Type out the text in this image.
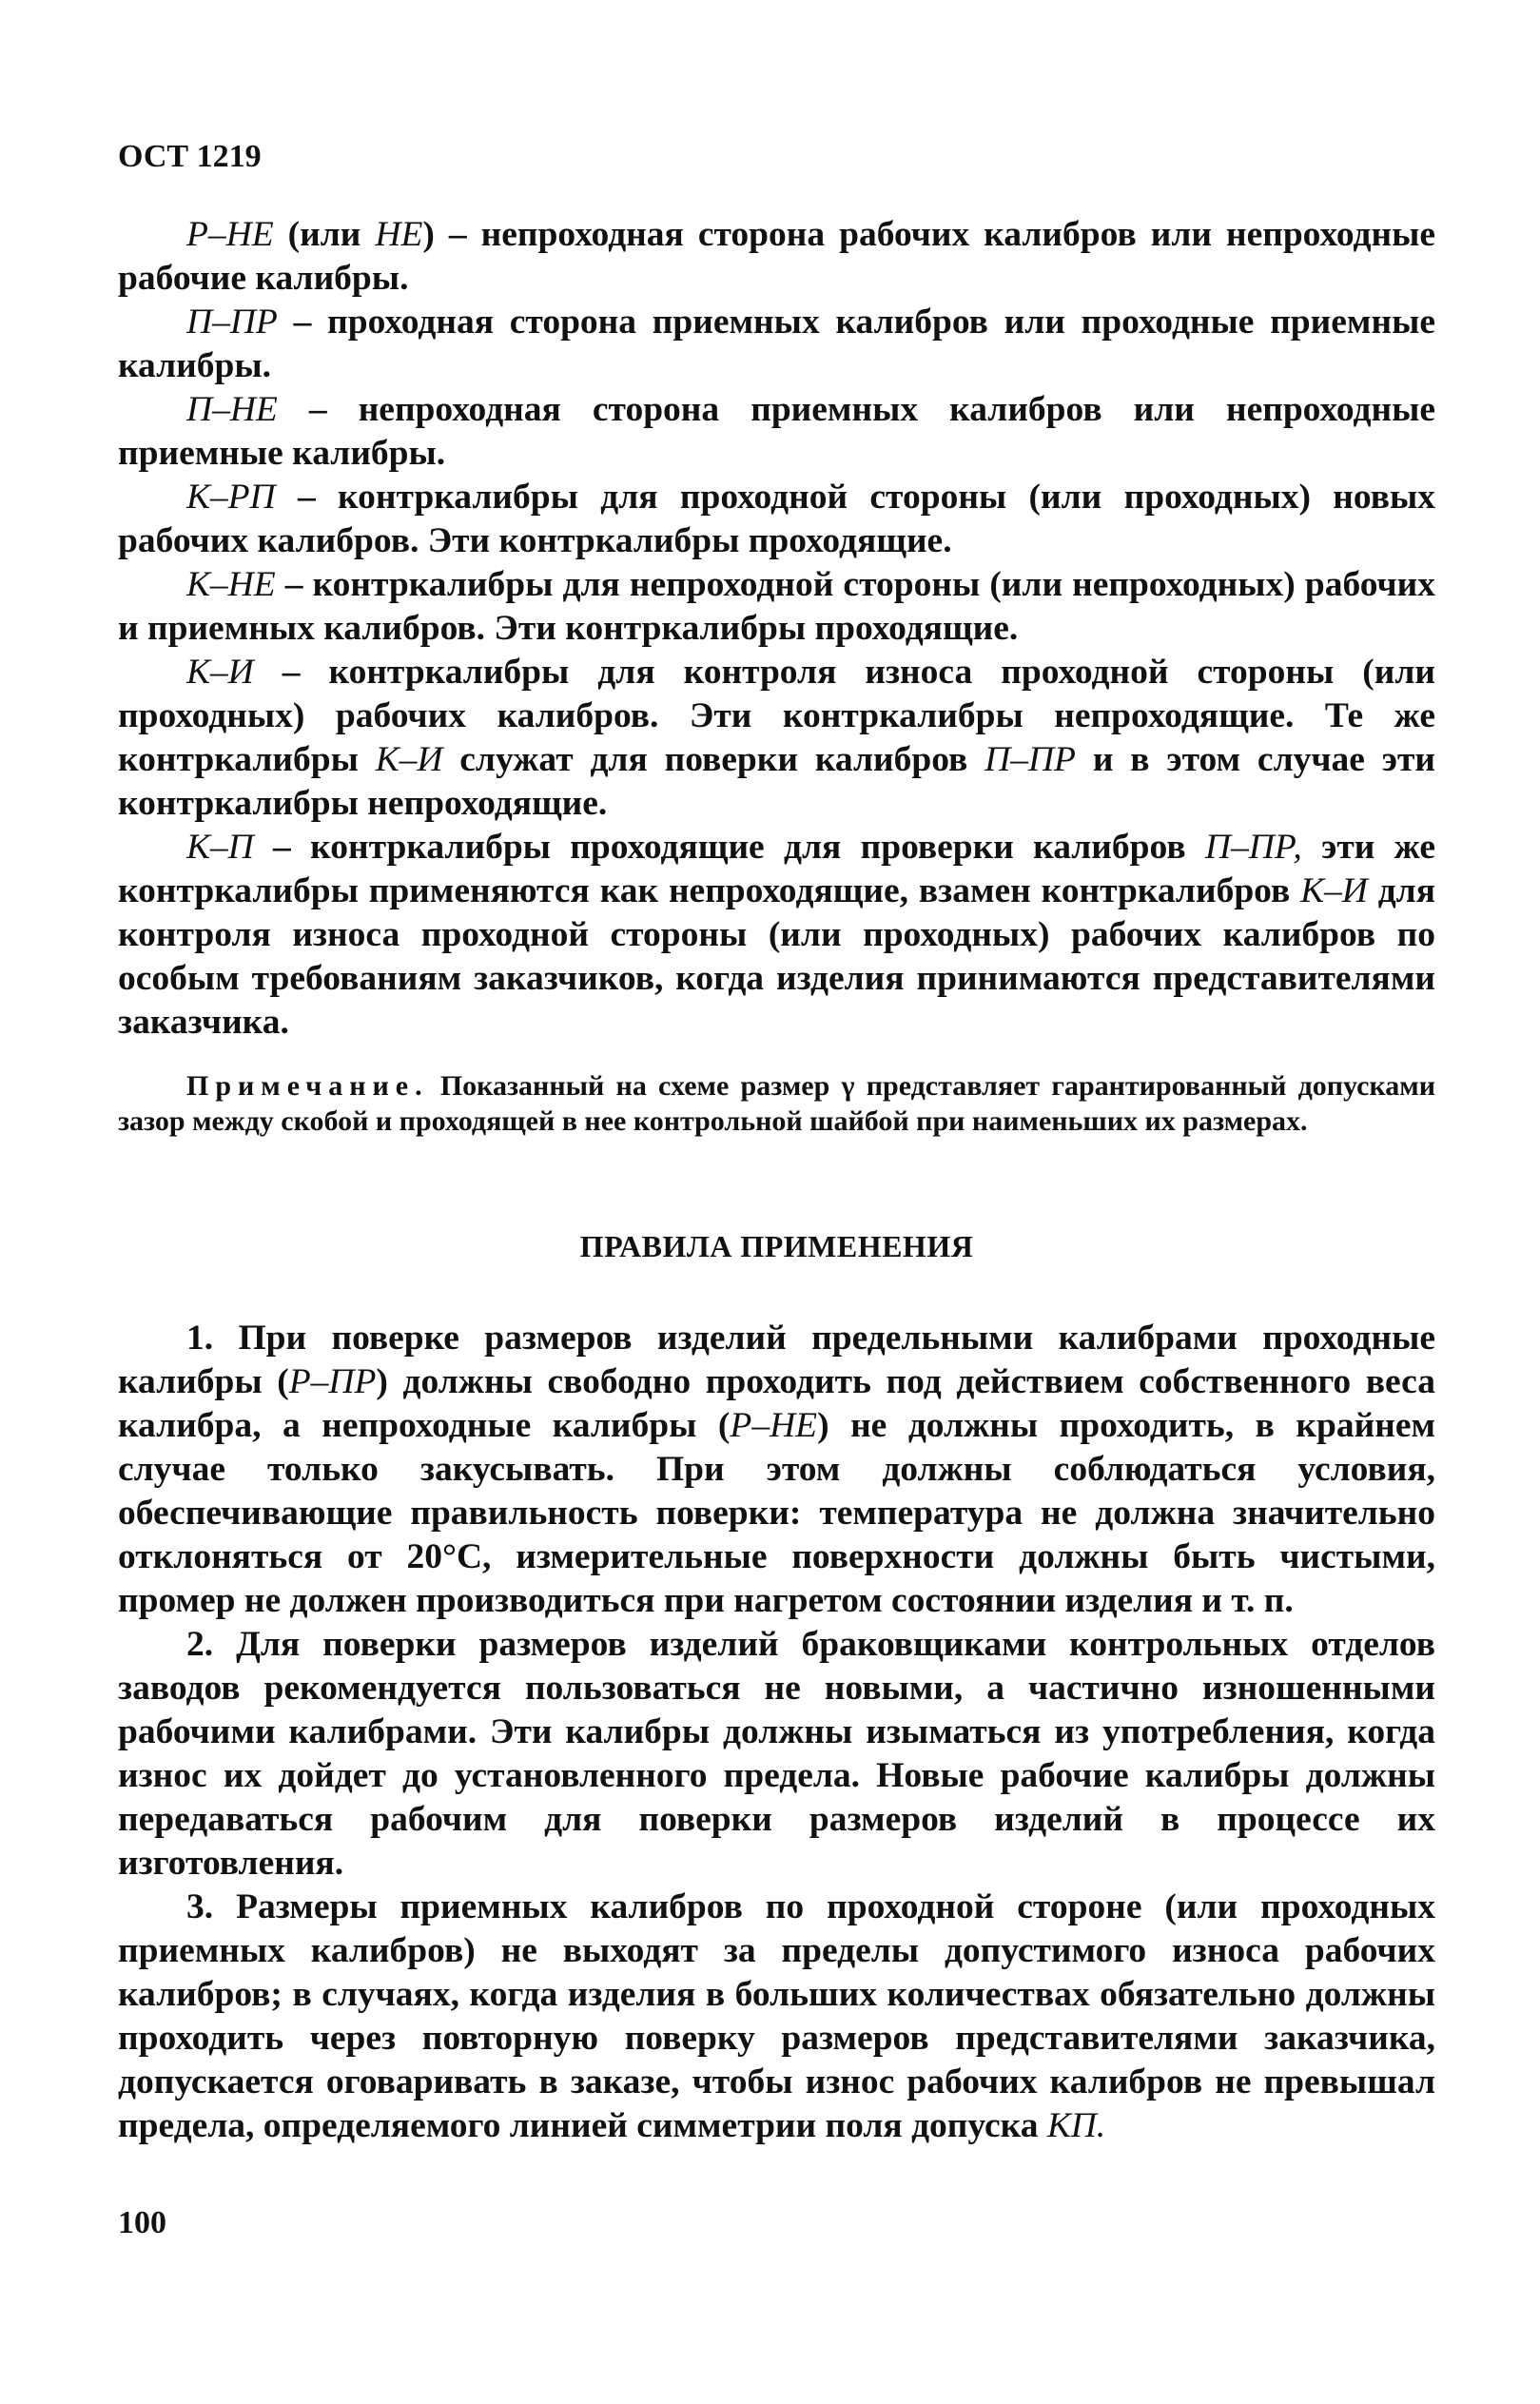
ОСТ 1219

Р–НЕ (или НЕ) – непроходная сторона рабочих калибров или непроходные рабочие калибры.

П–ПР – проходная сторона приемных калибров или проходные приемные калибры.

П–НЕ – непроходная сторона приемных калибров или непроходные приемные калибры.

К–РП – контркалибры для проходной стороны (или проходных) новых рабочих калибров. Эти контркалибры проходящие.

К–НЕ – контркалибры для непроходной стороны (или непроходных) рабочих и приемных калибров. Эти контркалибры проходящие.

К–И – контркалибры для контроля износа проходной стороны (или проходных) рабочих калибров. Эти контркалибры непроходящие. Те же контркалибры К–И служат для поверки калибров П–ПР и в этом случае эти контркалибры непроходящие.

К–П – контркалибры проходящие для проверки калибров П–ПР, эти же контркалибры применяются как непроходящие, взамен контркалибров К–И для контроля износа проходной стороны (или проходных) рабочих калибров по особым требованиям заказчиков, когда изделия принимаются представителями заказчика.

Примечание. Показанный на схеме размер γ представляет гарантированный допусками зазор между скобой и проходящей в нее контрольной шайбой при наименьших их размерах.

ПРАВИЛА ПРИМЕНЕНИЯ

1. При поверке размеров изделий предельными калибрами проходные калибры (Р–ПР) должны свободно проходить под действием собственного веса калибра, а непроходные калибры (Р–НЕ) не должны проходить, в крайнем случае только закусывать. При этом должны соблюдаться условия, обеспечивающие правильность поверки: температура не должна значительно отклоняться от 20°С, измерительные поверхности должны быть чистыми, промер не должен производиться при нагретом состоянии изделия и т. п.

2. Для поверки размеров изделий браковщиками контрольных отделов заводов рекомендуется пользоваться не новыми, а частично изношенными рабочими калибрами. Эти калибры должны изыматься из употребления, когда износ их дойдет до установленного предела. Новые рабочие калибры должны передаваться рабочим для поверки размеров изделий в процессе их изготовления.

3. Размеры приемных калибров по проходной стороне (или проходных приемных калибров) не выходят за пределы допустимого износа рабочих калибров; в случаях, когда изделия в больших количествах обязательно должны проходить через повторную поверку размеров представителями заказчика, допускается оговаривать в заказе, чтобы износ рабочих калибров не превышал предела, определяемого линией симметрии поля допуска КП.

100
